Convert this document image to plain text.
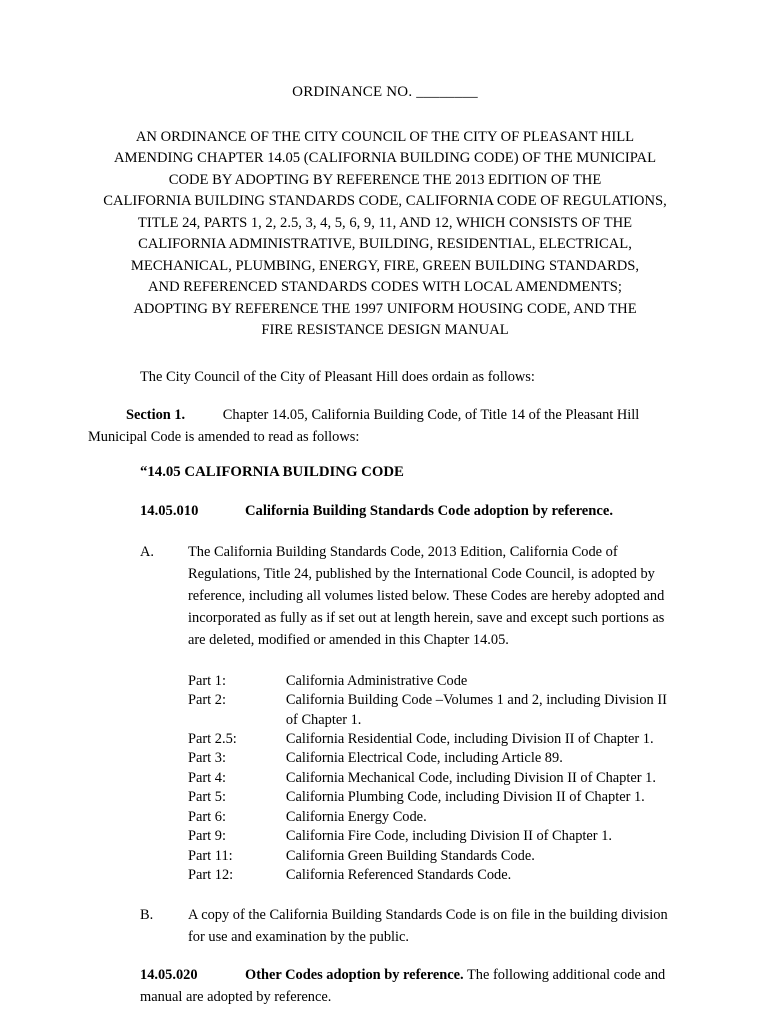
ORDINANCE NO. ________
AN ORDINANCE OF THE CITY COUNCIL OF THE CITY OF PLEASANT HILL
AMENDING CHAPTER 14.05 (CALIFORNIA BUILDING CODE) OF THE MUNICIPAL
CODE BY ADOPTING BY REFERENCE THE 2013 EDITION OF THE
CALIFORNIA BUILDING STANDARDS CODE, CALIFORNIA CODE OF REGULATIONS,
TITLE 24, PARTS 1, 2, 2.5, 3, 4, 5, 6, 9, 11, AND 12, WHICH CONSISTS OF THE
CALIFORNIA ADMINISTRATIVE, BUILDING, RESIDENTIAL, ELECTRICAL,
MECHANICAL, PLUMBING, ENERGY, FIRE, GREEN BUILDING STANDARDS,
AND REFERENCED STANDARDS CODES WITH LOCAL AMENDMENTS;
ADOPTING BY REFERENCE THE 1997 UNIFORM HOUSING CODE, AND THE
FIRE RESISTANCE DESIGN MANUAL

The City Council of the City of Pleasant Hill does ordain as follows:

Section 1.	Chapter 14.05, California Building Code, of Title 14 of the Pleasant Hill Municipal Code is amended to read as follows:

“14.05 CALIFORNIA BUILDING CODE
14.05.010	California Building Standards Code adoption by reference.
A.	The California Building Standards Code, 2013 Edition, California Code of Regulations, Title 24, published by the International Code Council, is adopted by reference, including all volumes listed below. These Codes are hereby adopted and incorporated as fully as if set out at length herein, save and except such portions as are deleted, modified or amended in this Chapter 14.05.
Part 1:	California Administrative Code
Part 2:	California Building Code –Volumes 1 and 2, including Division II
	of Chapter 1.
Part 2.5:	California Residential Code, including Division II of Chapter 1.
Part 3:	California Electrical Code, including Article 89.
Part 4:	California Mechanical Code, including Division II of Chapter 1.
Part 5:	California Plumbing Code, including Division II of Chapter 1.
Part 6:	California Energy Code.
Part 9:	California Fire Code, including Division II of Chapter 1.
Part 11:	California Green Building Standards Code.
Part 12:	California Referenced Standards Code.
B.	A copy of the California Building Standards Code is on file in the building division for use and examination by the public.

14.05.020	Other Codes adoption by reference. The following additional code and manual are adopted by reference.
